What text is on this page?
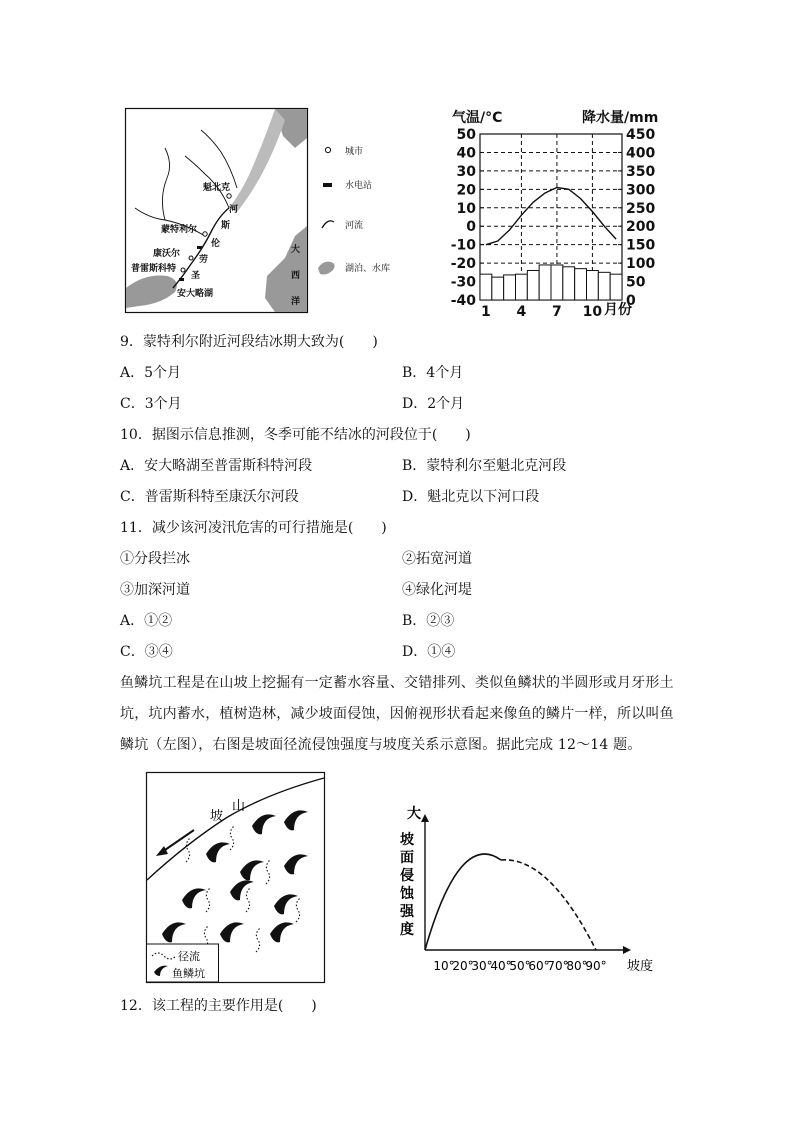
魁北克
蒙特利尔
康沃尔
普雷斯科特
安大略湖
河
斯
伦
劳
圣
大
西
洋
城市
水电站
河流
湖泊、水库
气温/°C	降水量/mm
50
40
30
20
10
0
-10
-20
-30
-40
450
400
350
300
250
200
150
100
50
0
1 4 7 10 月份
9．蒙特利尔附近河段结冰期大致为(　　)
A．5个月	B．4个月
C．3个月	D．2个月
10．据图示信息推测，冬季可能不结冰的河段位于(　　)
A．安大略湖至普雷斯科特河段	B．蒙特利尔至魁北克河段
C．普雷斯科特至康沃尔河段	D．魁北克以下河口段
11．减少该河凌汛危害的可行措施是(　　)
①分段拦冰	②拓宽河道
③加深河道	④绿化河堤
A．①②	B．②③
C．③④	D．①④
鱼鳞坑工程是在山坡上挖掘有一定蓄水容量、交错排列、类似鱼鳞状的半圆形或月牙形土坑，坑内蓄水，植树造林，减少坡面侵蚀，因俯视形状看起来像鱼的鳞片一样，所以叫鱼鳞坑（左图），右图是坡面径流侵蚀强度与坡度关系示意图。据此完成 12～14 题。
坡
山
径流
鱼鳞坑
大
坡
面
侵
蚀
强
度
10°
20°
30°
40°
50°
60°
70°
80°
90° 坡度
12．该工程的主要作用是(　　)
